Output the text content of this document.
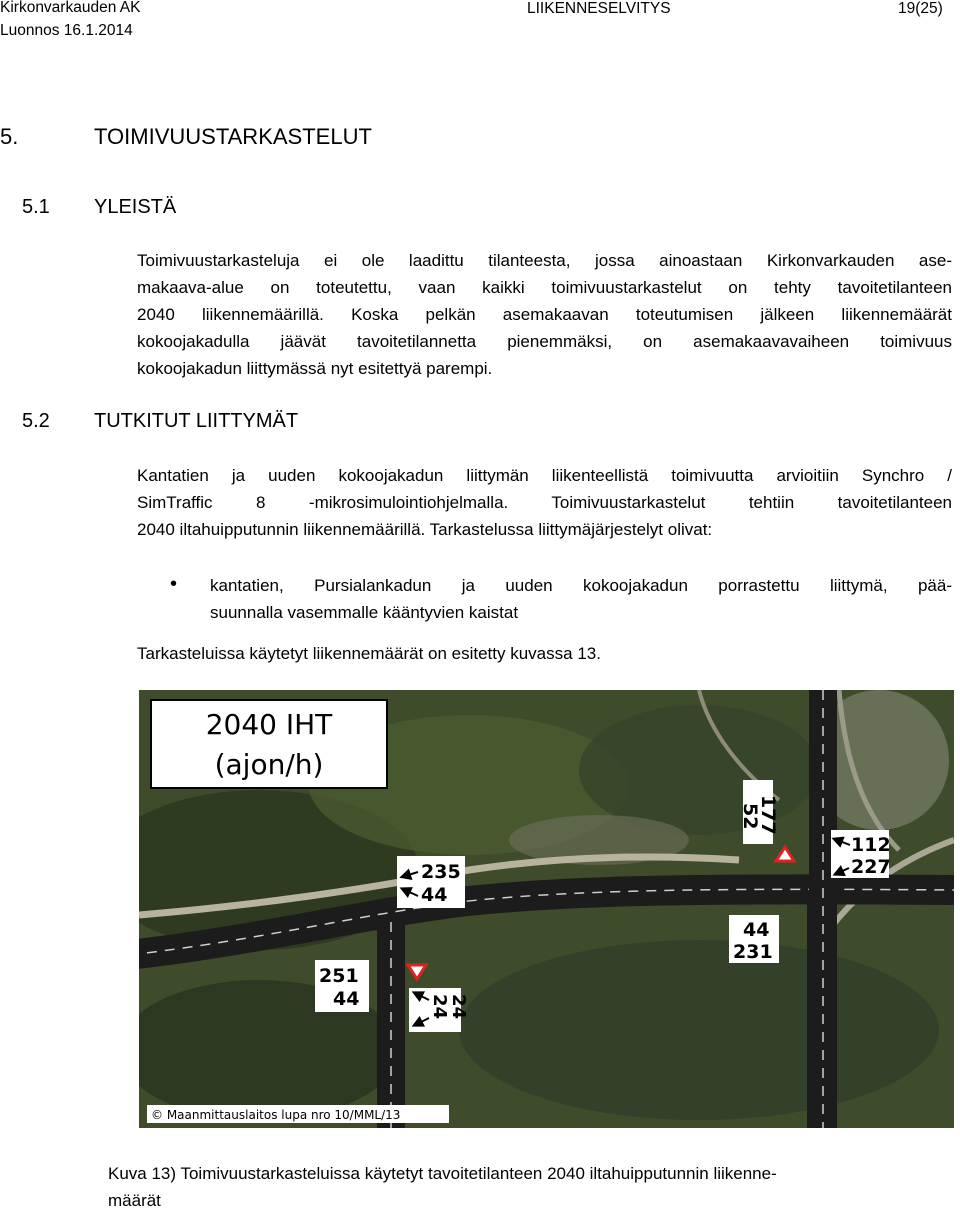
Kirkonvarkauden AK
Luonnos 16.1.2014
LIIKENNESELVITYS	19(25)
5.	TOIMIVUUSTARKASTELUT
5.1 YLEISTÄ
Toimivuustarkasteluja ei ole laadittu tilanteesta, jossa ainoastaan Kirkonvarkauden ase-
makaava-alue on toteutettu, vaan kaikki toimivuustarkastelut on tehty tavoitetilanteen
2040 liikennemäärillä. Koska pelkän asemakaavan toteutumisen jälkeen liikennemäärät
kokoojakadulla jäävät tavoitetilannetta pienemmäksi, on asemakaavavaiheen toimivuus
kokoojakadun liittymässä nyt esitettyä parempi.
5.2 TUTKITUT LIITTYMÄT
Kantatien ja uuden kokoojakadun liittymän liikenteellistä toimivuutta arvioitiin Synchro /
SimTraffic 8 -mikrosimulointiohjelmalla. Toimivuustarkastelut tehtiin tavoitetilanteen
2040 iltahuipputunnin liikennemäärillä. Tarkastelussa liittymäjärjestelyt olivat:
• kantatien, Pursialankadun ja uuden kokoojakadun porrastettu liittymä, pää-
suunnalla vasemmalle kääntyvien kaistat
Tarkasteluissa käytetyt liikennemäärät on esitetty kuvassa 13.
2040 IHT
(ajon/h)
177
52
112
227
44
231
235
44
251
44	24
24
© Maanmittauslaitos lupa nro 10/MML/13
Kuva 13) Toimivuustarkasteluissa käytetyt tavoitetilanteen 2040 iltahuipputunnin liikenne-
määrät
